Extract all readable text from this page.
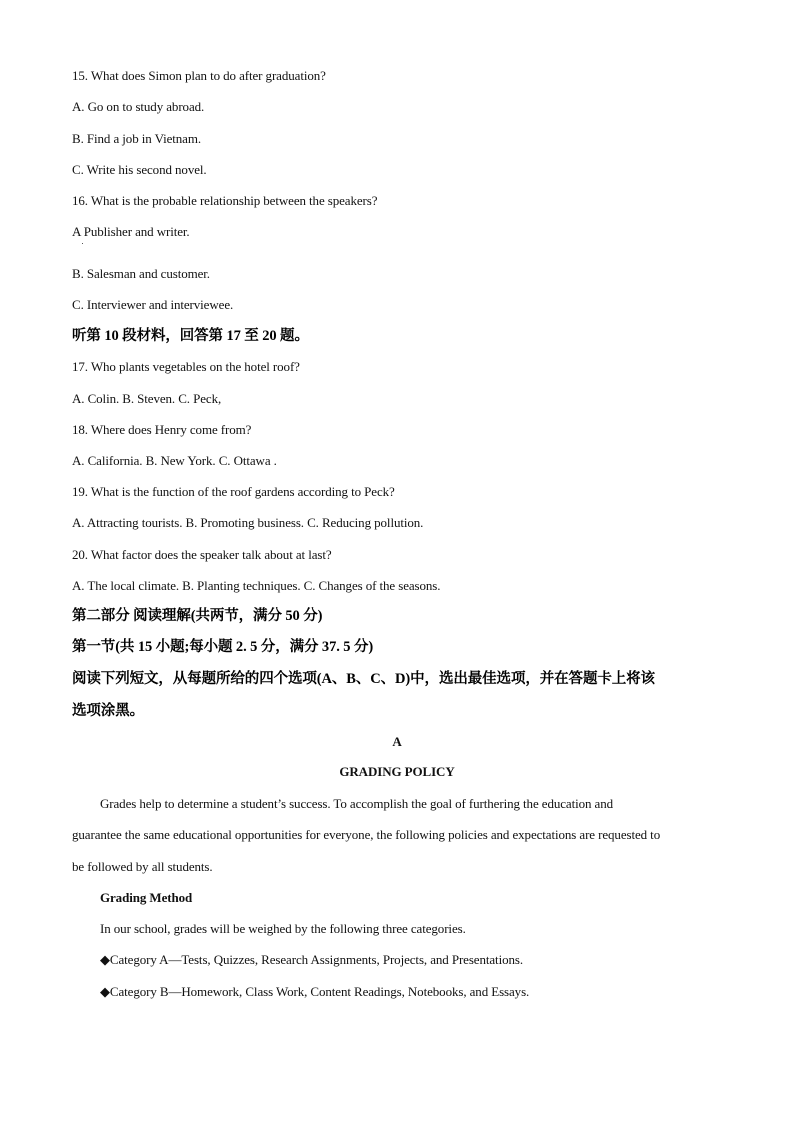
15. What does Simon plan to do after graduation?
A. Go on to study abroad.
B. Find a job in Vietnam.
C. Write his second novel.
16. What is the probable relationship between the speakers?
A Publisher and writer.
B. Salesman and customer.
C. Interviewer and interviewee.
听第 10 段材料，回答第 17 至 20 题。
17. Who plants vegetables on the hotel roof?
A. Colin. B. Steven. C. Peck,
18. Where does Henry come from?
A. California. B. New York. C. Ottawa .
19. What is the function of the roof gardens according to Peck?
A. Attracting tourists. B. Promoting business. C. Reducing pollution.
20. What factor does the speaker talk about at last?
A. The local climate. B. Planting techniques. C. Changes of the seasons.
第二部分 阅读理解(共两节，满分 50 分)
第一节(共 15 小题;每小题 2. 5 分，满分 37. 5 分)
阅读下列短文，从每题所给的四个选项(A、B、C、D)中，选出最佳选项，并在答题卡上将该
选项涂黑。
A
GRADING POLICY
Grades help to determine a student’s success. To accomplish the goal of furthering the education and
guarantee the same educational opportunities for everyone, the following policies and expectations are requested to
be followed by all students.
Grading Method
In our school, grades will be weighed by the following three categories.
◆Category A—Tests, Quizzes, Research Assignments, Projects, and Presentations.
◆Category B—Homework, Class Work, Content Readings, Notebooks, and Essays.
